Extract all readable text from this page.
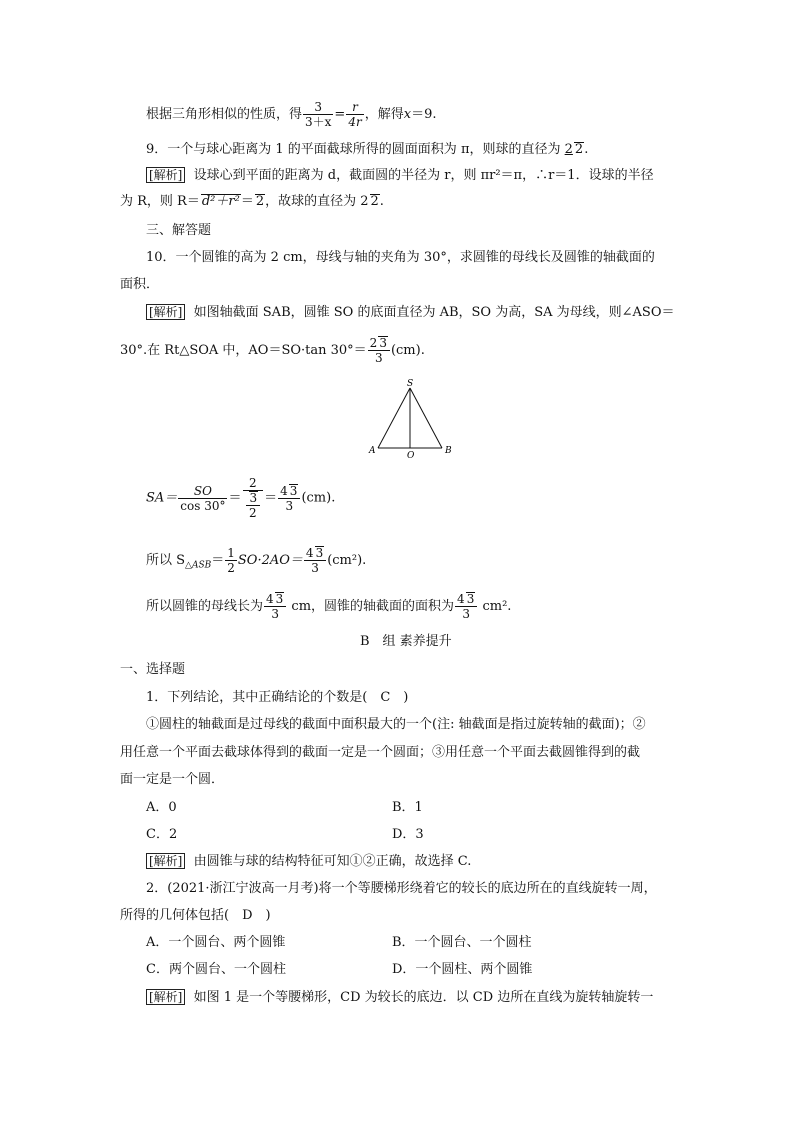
根据三角形相似的性质，得 $\frac{3}{3+x} = \frac{r}{4r}$ ，解得x＝9.
9．一个与球心距离为 1 的平面截球所得的圆面面积为 π，则球的直径为 2 2.
[解析] 设球心到平面的距离为 d，截面圆的半径为 r，则 πr²＝π，∴r＝1．设球的半径
为 R，则 R＝ d²＋r²＝ 2，故球的直径为 2 2.
三、解答题
10．一个圆锥的高为 2 cm，母线与轴的夹角为 30°，求圆锥的母线长及圆锥的轴截面的
面积．
[解析] 如图轴截面 SAB，圆锥 SO 的底面直径为 AB，SO 为高，SA 为母线，则∠ASO＝
30°.在 Rt△SOA 中，AO＝SO·tan $30^\circ= \frac{2 3}{3} (cm)$.
S
A	O	B
$SA= \frac{SO}{\cos 30^\circ} = \frac{2}{\frac{3}{2}} = \frac{4 3}{3} (cm)$.
所以 $S_{\triangle ASB}= \frac{1}{2} SO\cdot 2AO= \frac{4 3}{3} (cm^2)$.
所以圆锥的母线长为 $\frac{4 3}{3}$ cm，圆锥的轴截面的面积为 $\frac{4 3}{3} cm^2$.
B　组 素养提升
一、选择题
1．下列结论，其中正确结论的个数是(　C　)
①圆柱的轴截面是过母线的截面中面积最大的一个(注: 轴截面是指过旋转轴的截面)；②
用任意一个平面去截球体得到的截面一定是一个圆面；③用任意一个平面去截圆锥得到的截
面一定是一个圆．
A．0	B．1
C．2	D．3
[解析] 由圆锥与球的结构特征可知①②正确，故选择 C.
2．(2021·浙江宁波高一月考)将一个等腰梯形绕着它的较长的底边所在的直线旋转一周，
所得的几何体包括(　D　)
A．一个圆台、两个圆锥	B．一个圆台、一个圆柱
C．两个圆台、一个圆柱	D．一个圆柱、两个圆锥
[解析] 如图 1 是一个等腰梯形，CD 为较长的底边．以 CD 边所在直线为旋转轴旋转一
